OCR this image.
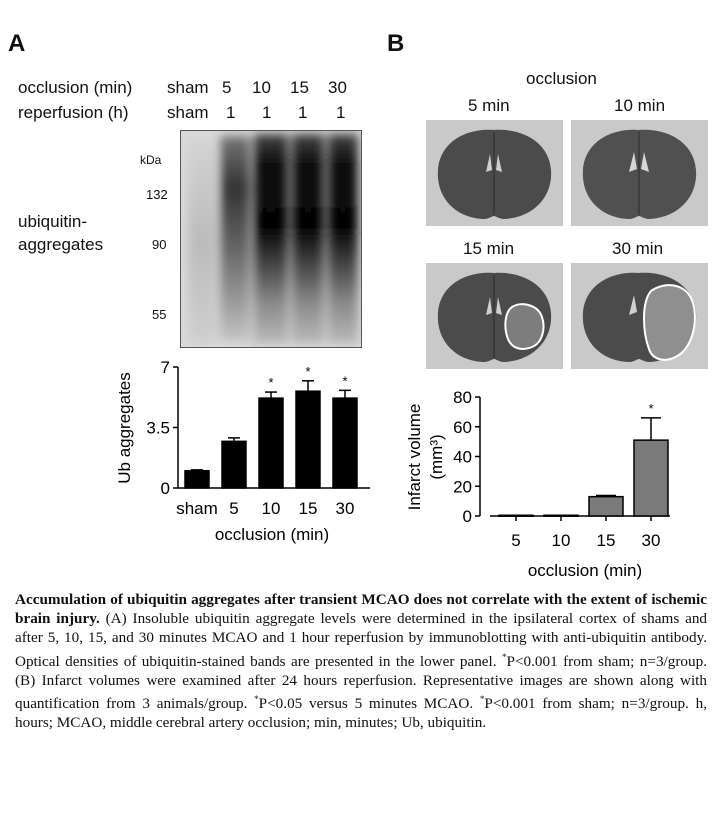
A
occlusion (min)
reperfusion (h)
sham 5 10 15 30
sham 1 1 1 1
kDa
132
90
55
ubiquitin-
aggregates
0
3.5
7
sham 5
*
10
*
15
*
30
occlusion (min)
Ub aggregates
B
occlusion
5 min	10 min
15 min	30 min
0
20
40
60
80
5 10 15
*
30
occlusion (min)
Infarct volume (mm³)
Accumulation of ubiquitin aggregates after transient MCAO does not correlate with the extent of ischemic brain injury. (A) Insoluble ubiquitin aggregate levels were determined in the ipsilateral cortex of shams and after 5, 10, 15, and 30 minutes MCAO and 1 hour reperfusion by immunoblotting with anti-ubiquitin antibody. Optical densities of ubiquitin-stained bands are presented in the lower panel. *P<0.001 from sham; n=3/group. (B) Infarct volumes were examined after 24 hours reperfusion. Representative images are shown along with quantification from 3 animals/group. *P<0.05 versus 5 minutes MCAO. *P<0.001 from sham; n=3/group. h, hours; MCAO, middle cerebral artery occlusion; min, minutes; Ub, ubiquitin.
